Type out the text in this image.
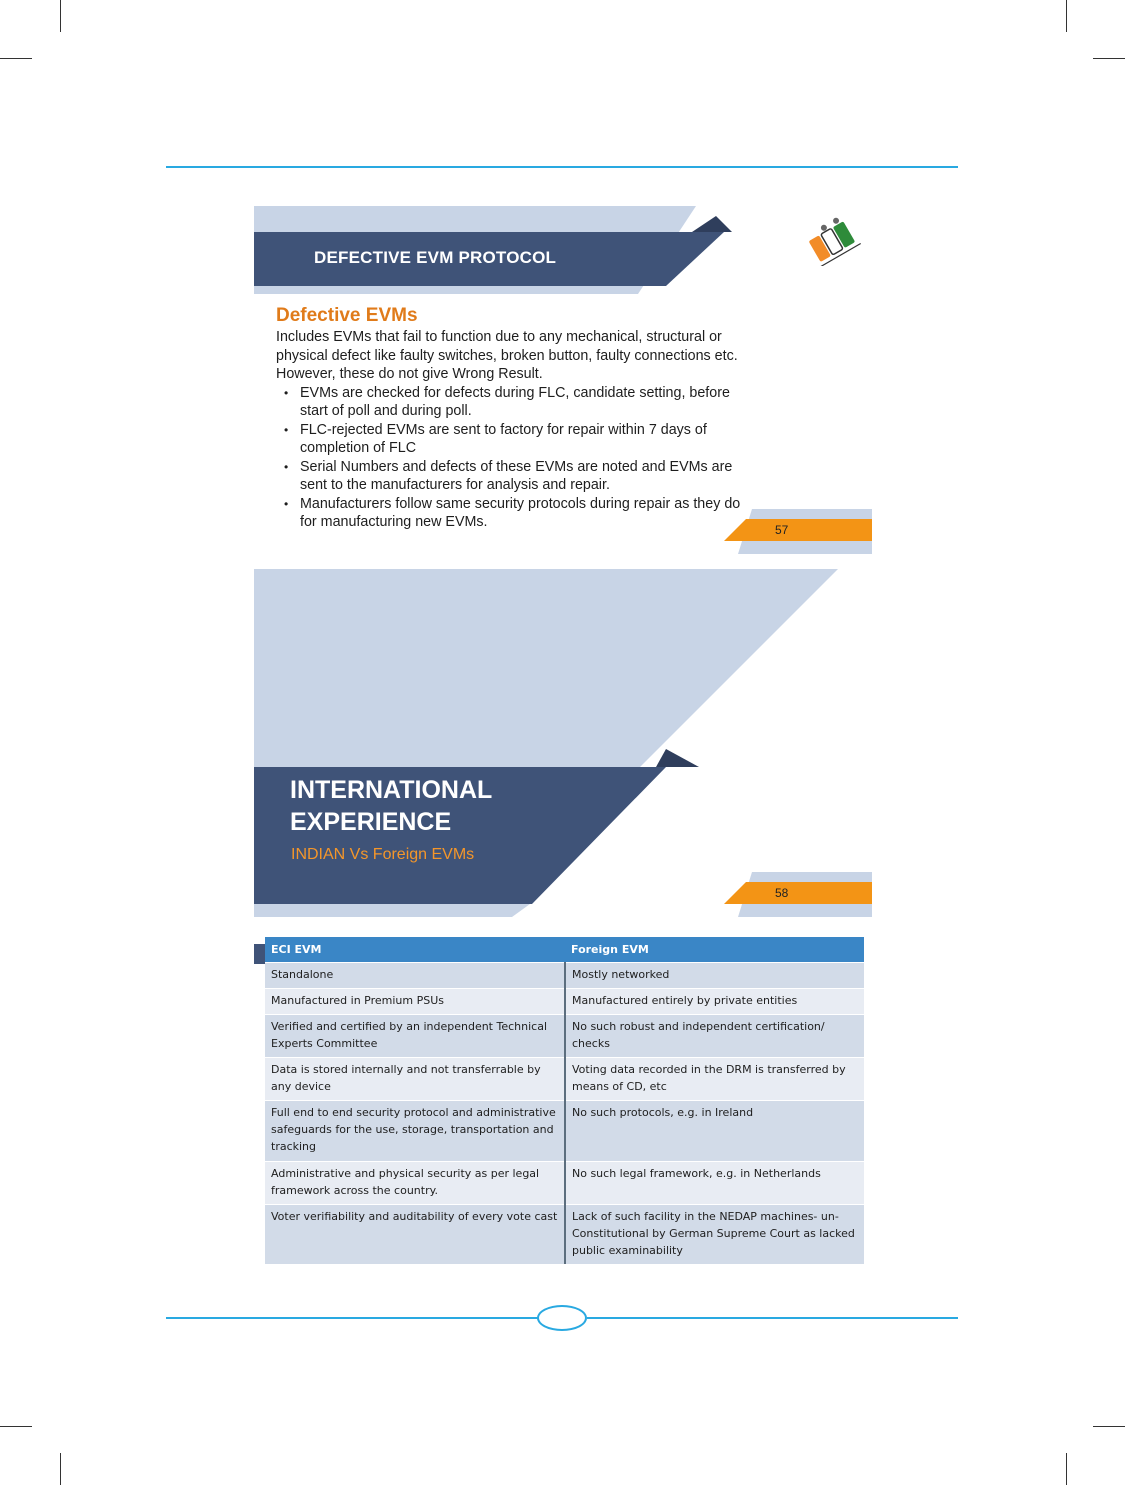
DEFECTIVE EVM PROTOCOL
Defective EVMs

Includes EVMs that fail to function due to any mechanical, structural or

physical defect like faulty switches, broken button, faulty connections etc.

However, these do not give Wrong Result.

• EVMs are checked for defects during FLC, candidate setting, before
start of poll and during poll.
• FLC-rejected EVMs are sent to factory for repair within 7 days of
completion of FLC
• Serial Numbers and defects of these EVMs are noted and EVMs are
sent to the manufacturers for analysis and repair.
• Manufacturers follow same security protocols during repair as they do
for manufacturing new EVMs.	57
INTERNATIONAL
EXPERIENCE
INDIAN Vs Foreign EVMs
58
ECI EVM	Foreign EVM
Standalone	Mostly networked
Manufactured in Premium PSUs	Manufactured entirely by private entities
Verified and certified by an independent Technical Experts Committee	No such robust and independent certification/ checks
Data is stored internally and not transferrable by any device	Voting data recorded in the DRM is transferred by means of CD, etc
Full end to end security protocol and administrative safeguards for the use, storage, transportation and tracking	No such protocols, e.g. in Ireland
Administrative and physical security as per legal framework across the country.	No such legal framework, e.g. in Netherlands
Voter verifiability and auditability of every vote cast	Lack of such facility in the NEDAP machines- un-Constitutional by German Supreme Court as lacked public examinability
